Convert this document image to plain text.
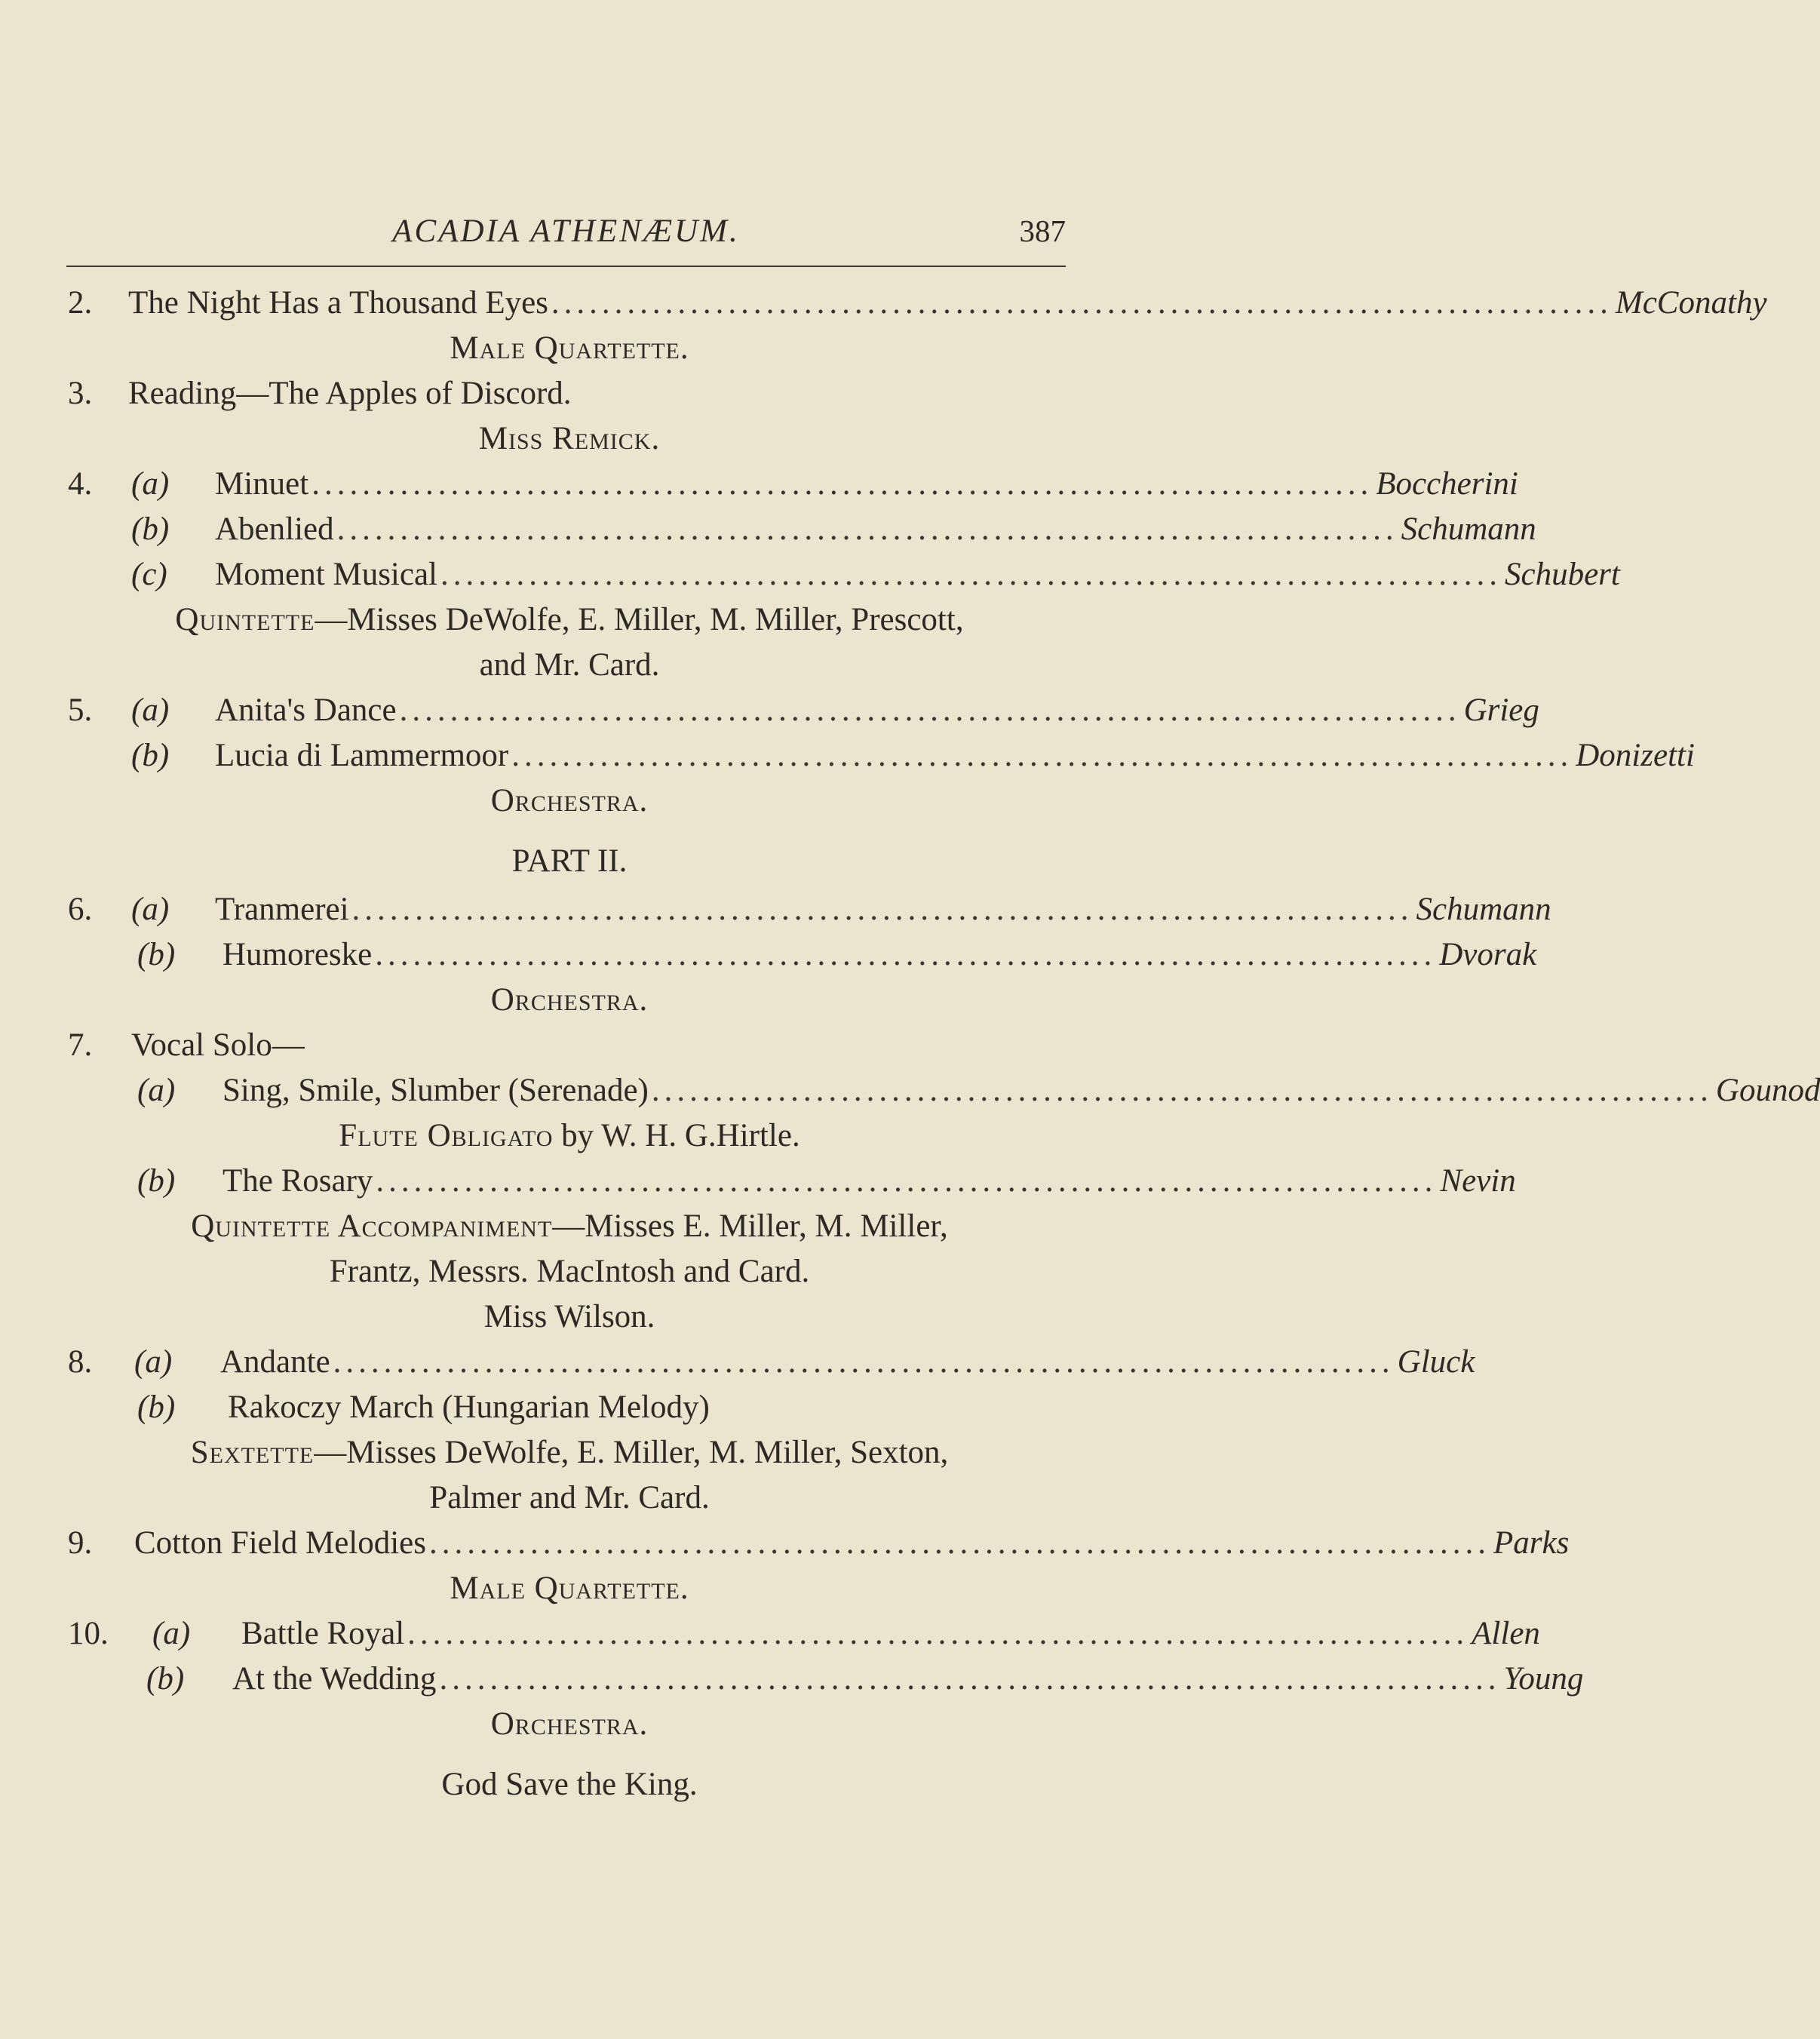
ACADIA ATHENÆUM.	387
2. The Night Has a Thousand Eyes .................................................................................... McConathy
Male Quartette.
3. Reading—The Apples of Discord.
Miss Remick.
4. (a) Minuet .................................................................................... Boccherini
(b) Abenlied .................................................................................... Schumann
(c) Moment Musical .................................................................................... Schubert
Quintette—Misses DeWolfe, E. Miller, M. Miller, Prescott,
and Mr. Card.
5. (a) Anita's Dance .................................................................................... Grieg
(b) Lucia di Lammermoor .................................................................................... Donizetti
Orchestra.
PART II.
6. (a) Tranmerei .................................................................................... Schumann
(b) Humoreske .................................................................................... Dvorak
Orchestra.
7. Vocal Solo—
(a) Sing, Smile, Slumber (Serenade) .................................................................................... Gounod
Flute Obligato by W. H. G.Hirtle.
(b) The Rosary .................................................................................... Nevin
Quintette Accompaniment—Misses E. Miller, M. Miller,
Frantz, Messrs. MacIntosh and Card.
Miss Wilson.
8. (a) Andante .................................................................................... Gluck
(b) Rakoczy March (Hungarian Melody)
Sextette—Misses DeWolfe, E. Miller, M. Miller, Sexton,
Palmer and Mr. Card.
9. Cotton Field Melodies .................................................................................... Parks
Male Quartette.
10. (a) Battle Royal .................................................................................... Allen
(b) At the Wedding .................................................................................... Young
Orchestra.
God Save the King.
